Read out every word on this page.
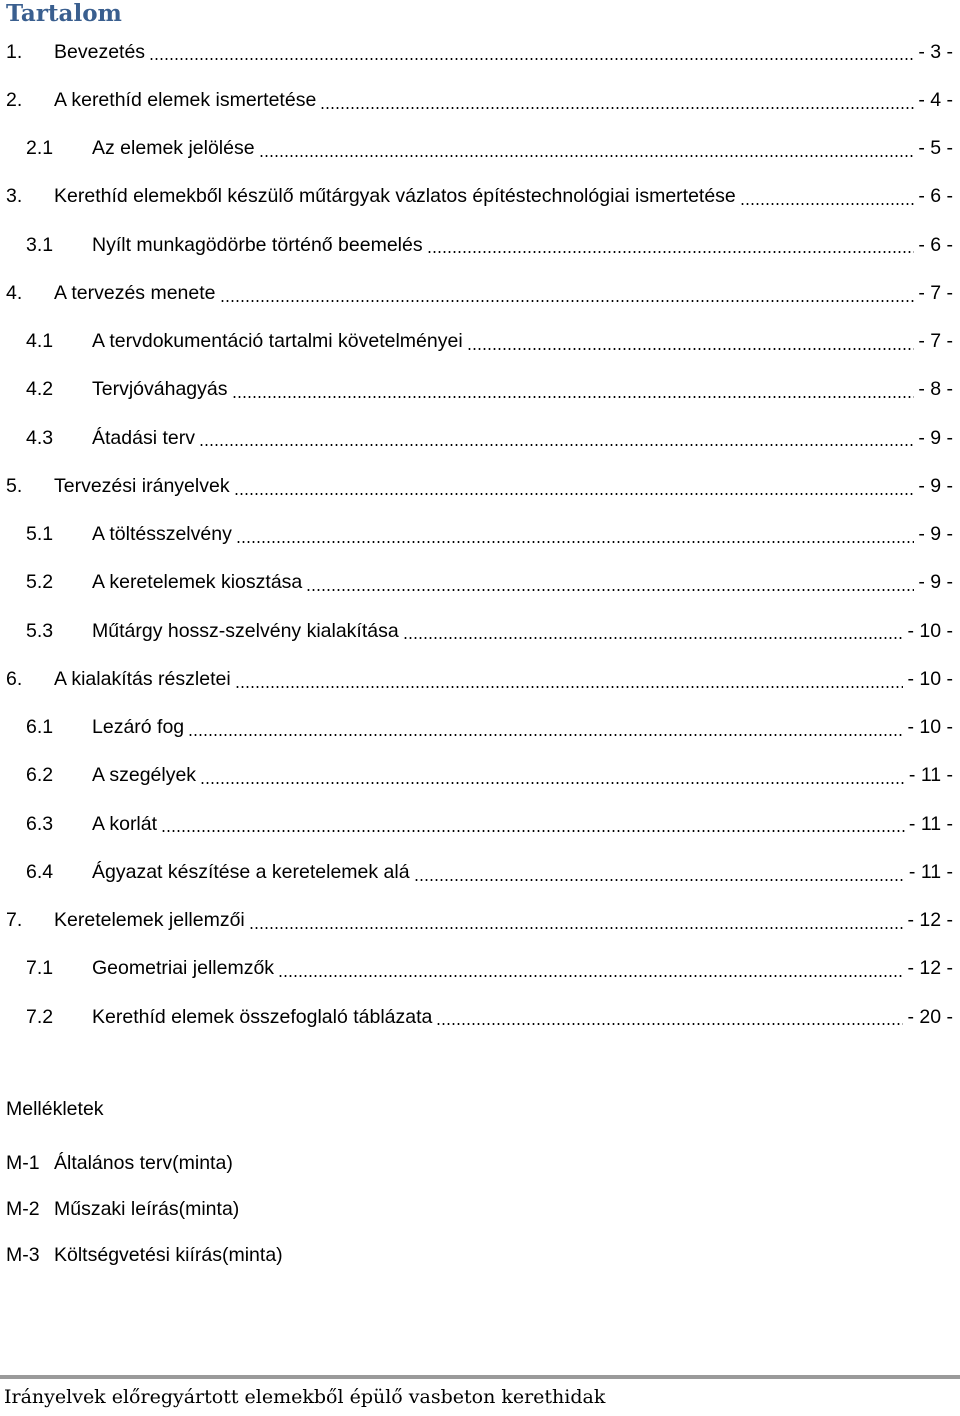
Tartalom
1.	Bevezetés	- 3 -
2.	A kerethíd elemek ismertetése	- 4 -
2.1	Az elemek jelölése	- 5 -
3.	Kerethíd elemekből készülő műtárgyak vázlatos építéstechnológiai ismertetése	- 6 -
3.1	Nyílt munkagödörbe történő beemelés	- 6 -
4.	A tervezés menete	- 7 -
4.1	A tervdokumentáció tartalmi követelményei	- 7 -
4.2	Tervjóváhagyás	- 8 -
4.3	Átadási terv	- 9 -
5.	Tervezési irányelvek	- 9 -
5.1	A töltésszelvény	- 9 -
5.2	A keretelemek kiosztása	- 9 -
5.3	Műtárgy hossz-szelvény kialakítása	- 10 -
6.	A kialakítás részletei	- 10 -
6.1	Lezáró fog	- 10 -
6.2	A szegélyek	- 11 -
6.3	A korlát	- 11 -
6.4	Ágyazat készítése a keretelemek alá	- 11 -
7.	Keretelemek jellemzői	- 12 -
7.1	Geometriai jellemzők	- 12 -
7.2	Kerethíd elemek összefoglaló táblázata	- 20 -
Mellékletek
M-1 Általános terv(minta)
M-2 Műszaki leírás(minta)
M-3 Költségvetési kiírás(minta)
Irányelvek előregyártott elemekből épülő vasbeton kerethidak
